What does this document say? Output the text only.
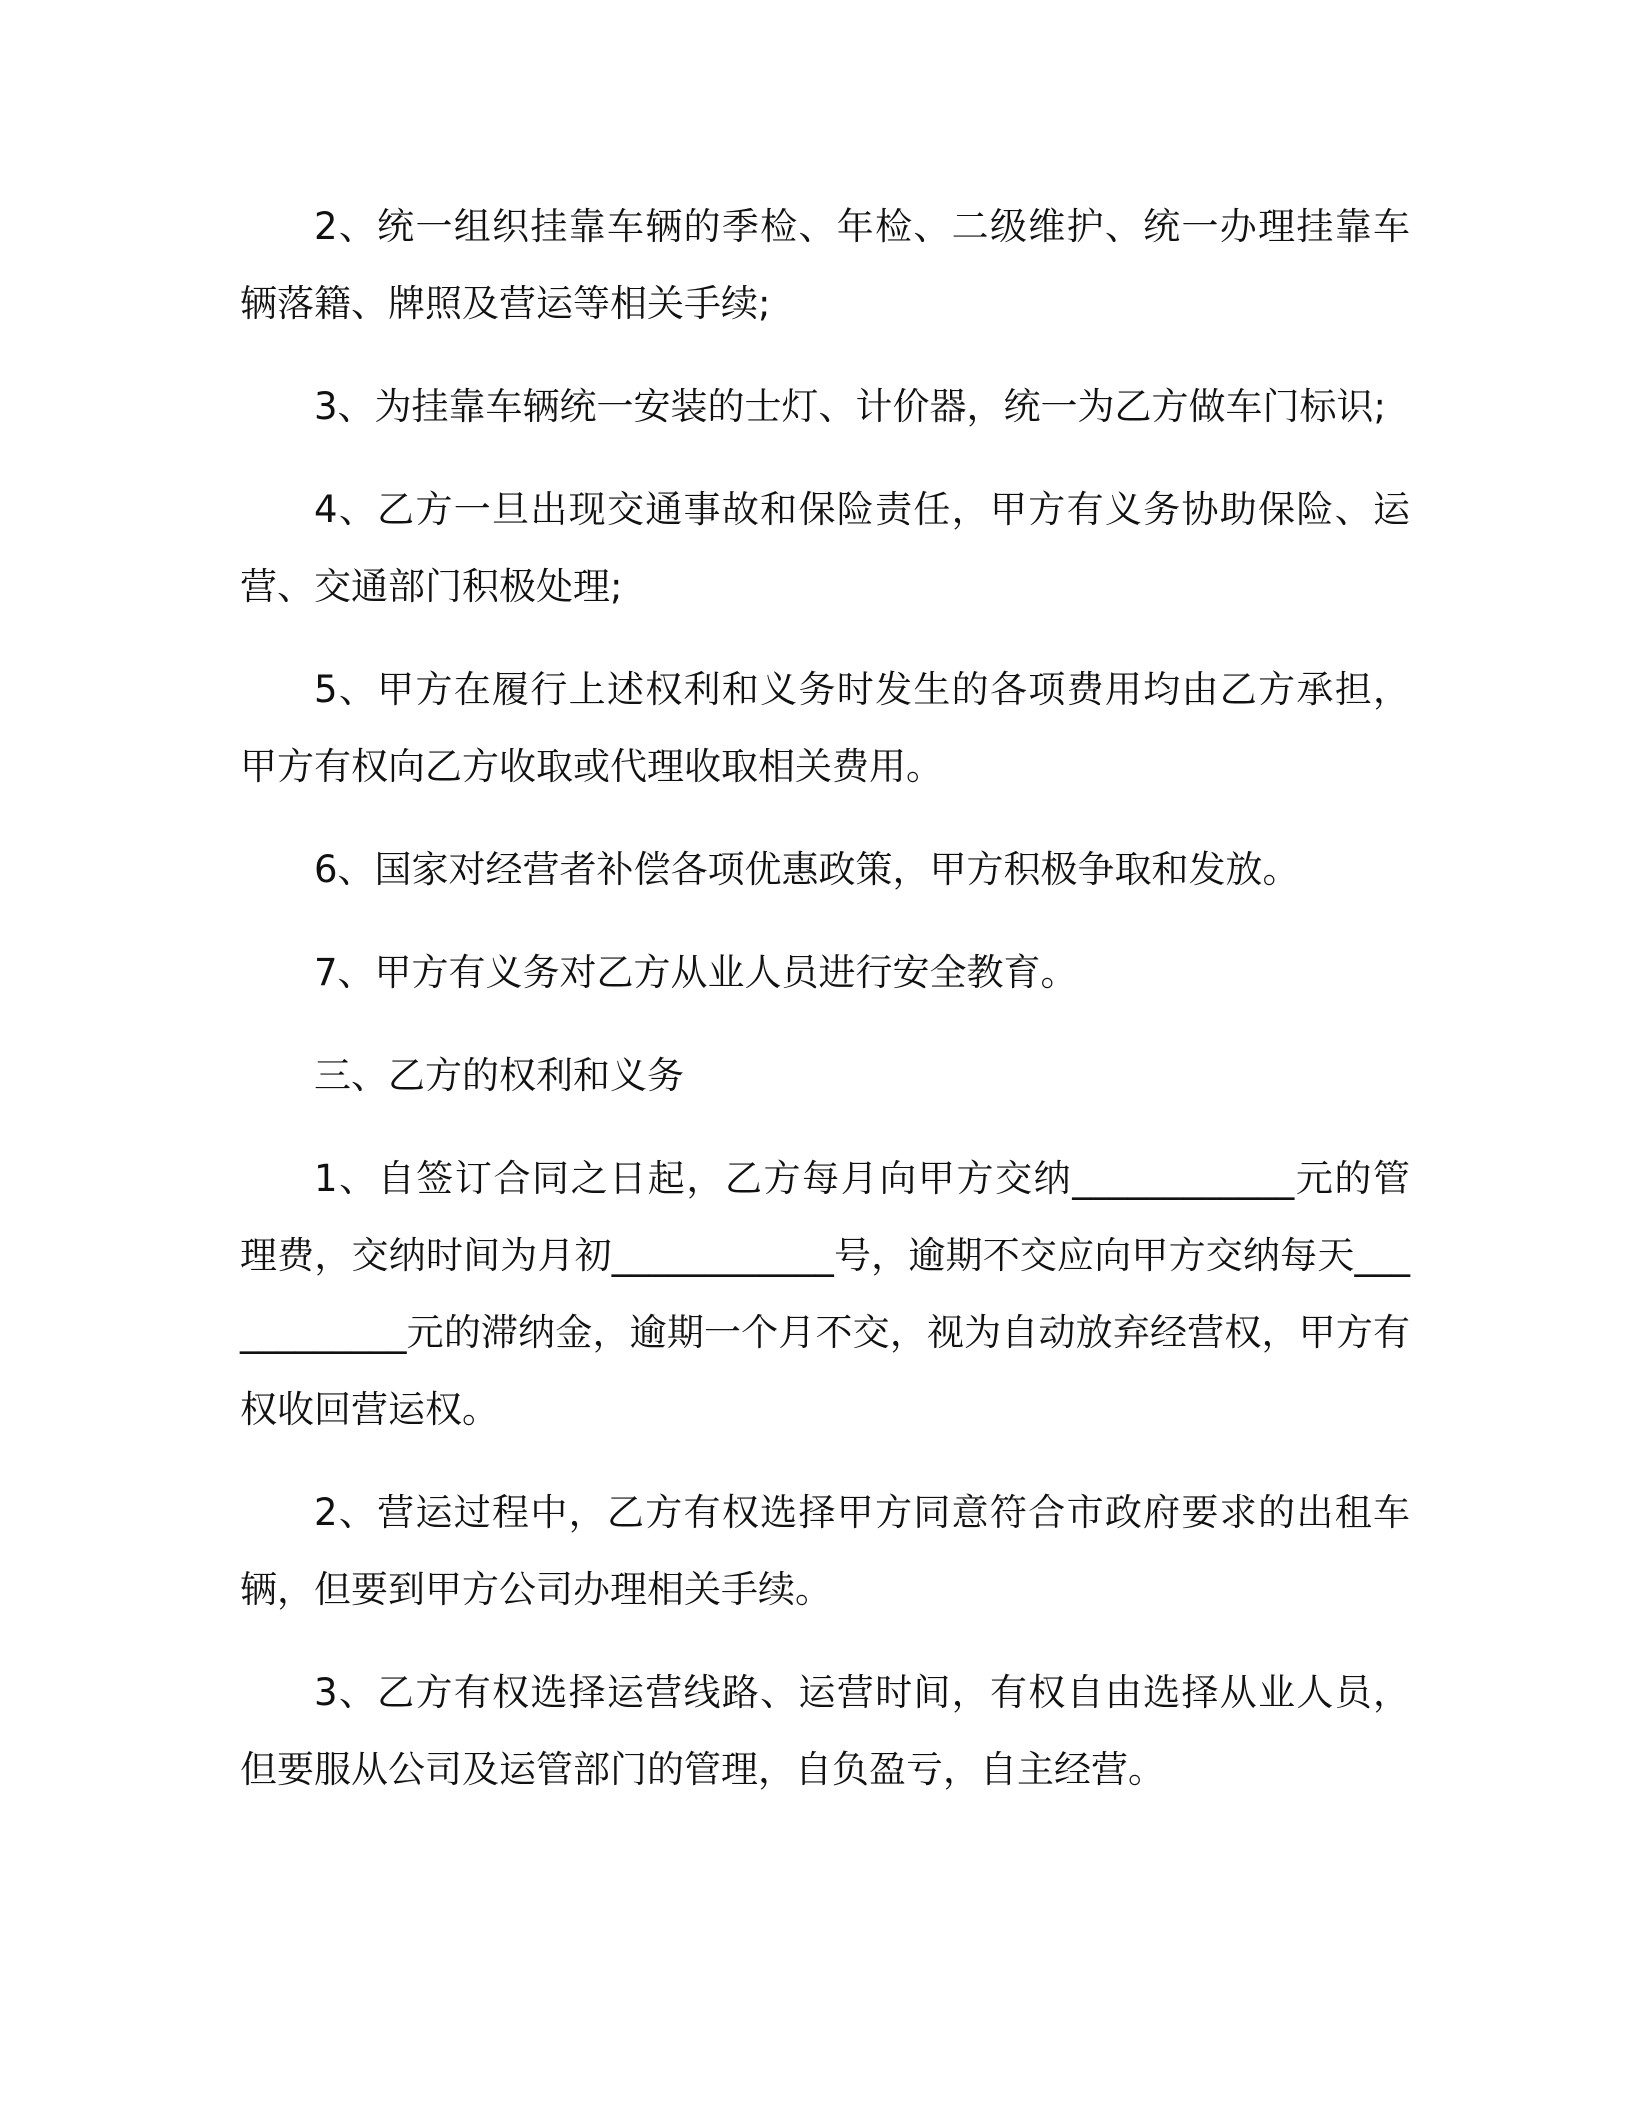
2、统一组织挂靠车辆的季检、年检、二级维护、统一办理挂靠车辆落籍、牌照及营运等相关手续;

3、为挂靠车辆统一安装的士灯、计价器，统一为乙方做车门标识;

4、乙方一旦出现交通事故和保险责任，甲方有义务协助保险、运营、交通部门积极处理;

5、甲方在履行上述权利和义务时发生的各项费用均由乙方承担，甲方有权向乙方收取或代理收取相关费用。

6、国家对经营者补偿各项优惠政策，甲方积极争取和发放。

7、甲方有义务对乙方从业人员进行安全教育。

三、乙方的权利和义务

1、自签订合同之日起，乙方每月向甲方交纳____________元的管理费，交纳时间为月初____________号，逾期不交应向甲方交纳每天____________元的滞纳金，逾期一个月不交，视为自动放弃经营权，甲方有权收回营运权。

2、营运过程中，乙方有权选择甲方同意符合市政府要求的出租车辆，但要到甲方公司办理相关手续。

3、乙方有权选择运营线路、运营时间，有权自由选择从业人员，但要服从公司及运管部门的管理，自负盈亏，自主经营。
